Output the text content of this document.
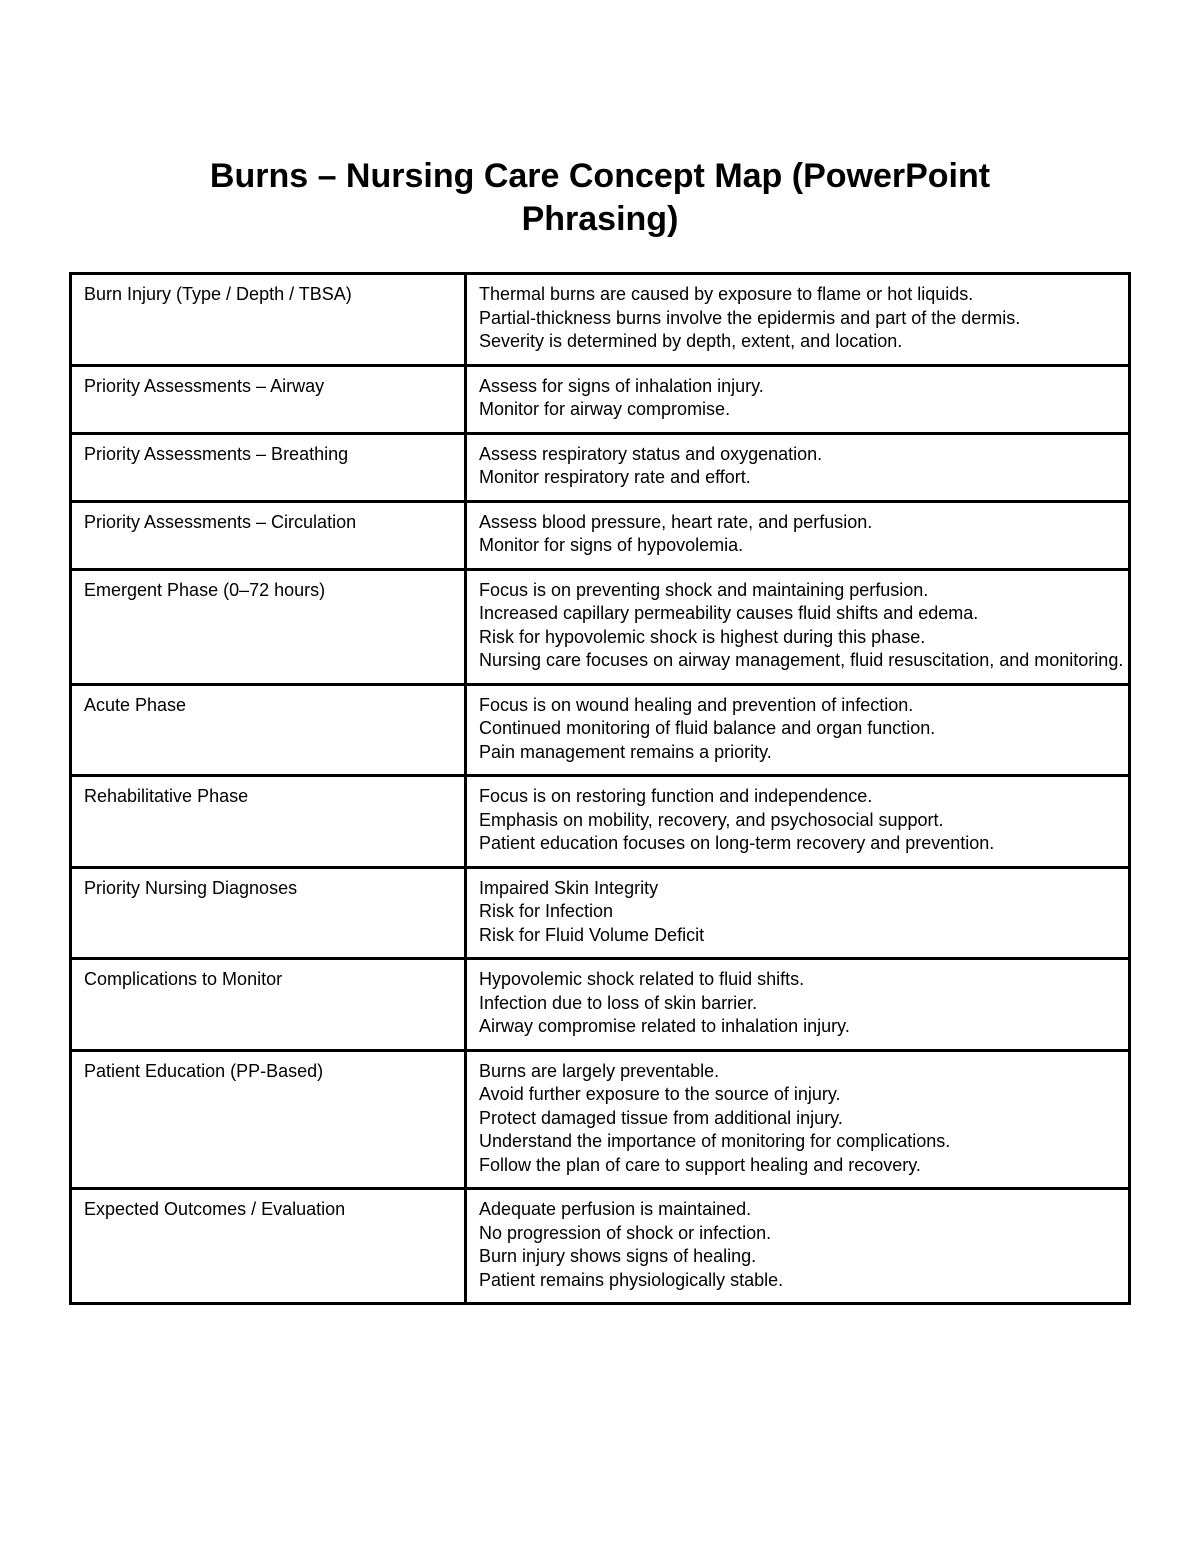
Burns – Nursing Care Concept Map (PowerPoint
Phrasing)
Burn Injury (Type / Depth / TBSA)	Thermal burns are caused by exposure to flame or hot liquids.
Partial-thickness burns involve the epidermis and part of the dermis.
Severity is determined by depth, extent, and location.

Priority Assessments – Airway	Assess for signs of inhalation injury.
Monitor for airway compromise.

Priority Assessments – Breathing	Assess respiratory status and oxygenation.
Monitor respiratory rate and effort.

Priority Assessments – Circulation	Assess blood pressure, heart rate, and perfusion.
Monitor for signs of hypovolemia.

Emergent Phase (0–72 hours)	Focus is on preventing shock and maintaining perfusion.
Increased capillary permeability causes fluid shifts and edema.
Risk for hypovolemic shock is highest during this phase.
Nursing care focuses on airway management, fluid resuscitation, and monitoring.

Acute Phase	Focus is on wound healing and prevention of infection.
Continued monitoring of fluid balance and organ function.
Pain management remains a priority.

Rehabilitative Phase	Focus is on restoring function and independence.
Emphasis on mobility, recovery, and psychosocial support.
Patient education focuses on long-term recovery and prevention.

Priority Nursing Diagnoses	Impaired Skin Integrity
Risk for Infection
Risk for Fluid Volume Deficit

Complications to Monitor	Hypovolemic shock related to fluid shifts.
Infection due to loss of skin barrier.
Airway compromise related to inhalation injury.

Patient Education (PP-Based)	Burns are largely preventable.
Avoid further exposure to the source of injury.
Protect damaged tissue from additional injury.
Understand the importance of monitoring for complications.
Follow the plan of care to support healing and recovery.

Expected Outcomes / Evaluation	Adequate perfusion is maintained.
No progression of shock or infection.
Burn injury shows signs of healing.
Patient remains physiologically stable.
